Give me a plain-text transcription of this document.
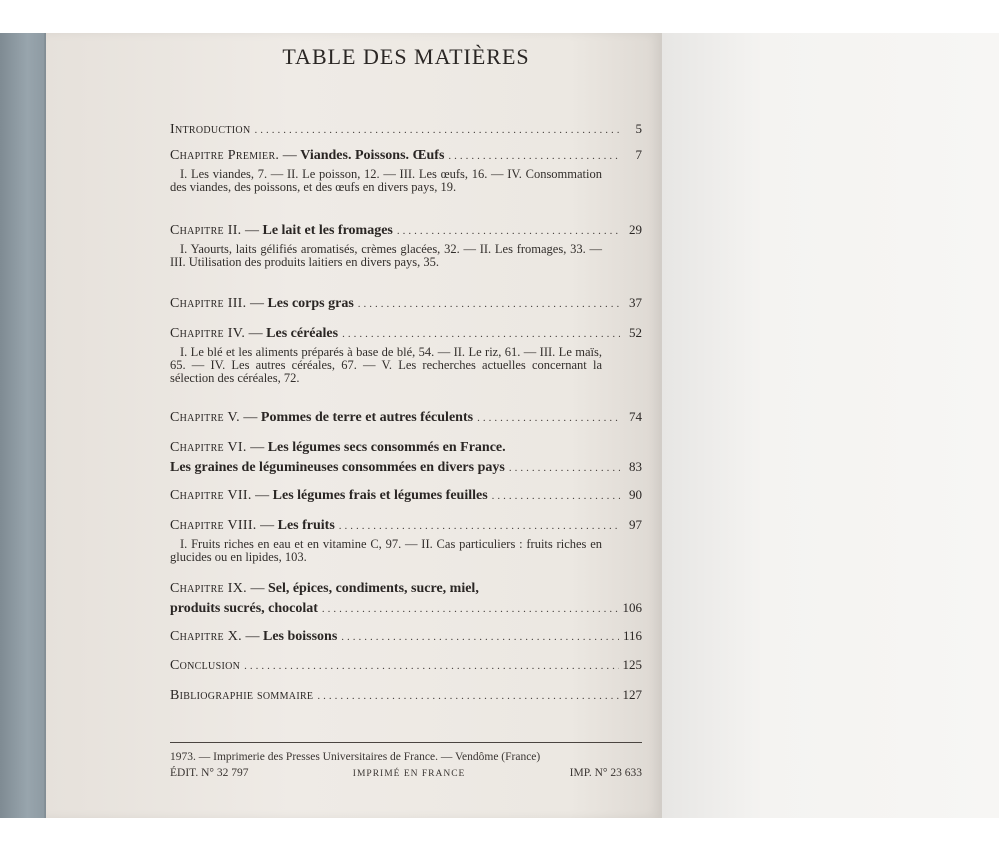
TABLE DES MATIÈRES
Introduction .....	5
Chapitre Premier. — Viandes. Poissons. Œufs .....	7
I. Les viandes, 7. — II. Le poisson, 12. — III. Les œufs, 16. — IV. Consommation des viandes, des poissons, et des œufs en divers pays, 19.
Chapitre II. — Le lait et les fromages .....	29
I. Yaourts, laits gélifiés aromatisés, crèmes glacées, 32. — II. Les fromages, 33. — III. Utilisation des produits laitiers en divers pays, 35.
Chapitre III. — Les corps gras .....	37
Chapitre IV. — Les céréales .....	52
I. Le blé et les aliments préparés à base de blé, 54. — II. Le riz, 61. — III. Le maïs, 65. — IV. Les autres céréales, 67. — V. Les recherches actuelles concernant la sélection des céréales, 72.
Chapitre V. — Pommes de terre et autres féculents .....	74
Chapitre VI. — Les légumes secs consommés en France.
Les graines de légumineuses consommées en divers pays .....	83
Chapitre VII. — Les légumes frais et légumes feuilles .....	90
Chapitre VIII. — Les fruits .....	97
I. Fruits riches en eau et en vitamine C, 97. — II. Cas particuliers : fruits riches en glucides ou en lipides, 103.
Chapitre IX. — Sel, épices, condiments, sucre, miel,
produits sucrés, chocolat .....	106
Chapitre X. — Les boissons .....	116
Conclusion .....	125
Bibliographie sommaire .....	127
1973. — Imprimerie des Presses Universitaires de France. — Vendôme (France)
ÉDIT. N° 32 797	IMPRIMÉ EN FRANCE	IMP. N° 23 633
